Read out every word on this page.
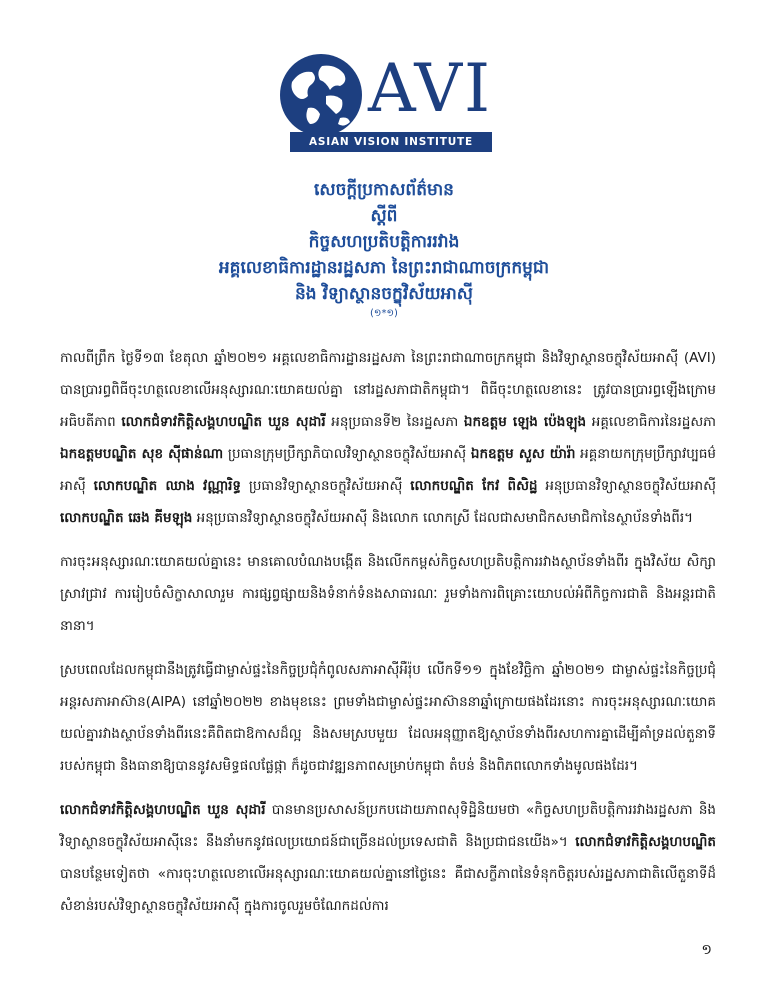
AVI
ASIAN VISION INSTITUTE
សេចក្តីប្រកាសព័ត៌មាន
ស្តីពី
កិច្ចសហប្រតិបត្តិការរវាង
អគ្គលេខាធិការដ្ឋានរដ្ឋសភា នៃព្រះរាជាណាចក្រកម្ពុជា
និង វិទ្យាស្ថានចក្ខុវិស័យអាស៊ី
(១*១)

កាលពីព្រឹក ថ្ងៃទី១៣ ខែតុលា ឆ្នាំ២០២១ អគ្គលេខាធិការដ្ឋានរដ្ឋសភា នៃព្រះរាជាណាចក្រកម្ពុជា និងវិទ្យាស្ថានចក្ខុវិស័យអាស៊ី (AVI) បានប្រារព្ធពិធីចុះហត្ថលេខាលើអនុស្សារណៈយោគយល់គ្នា នៅរដ្ឋសភាជាតិកម្ពុជា។ ពិធីចុះហត្ថលេខានេះ ត្រូវបានប្រារព្ធឡើងក្រោមអធិបតីភាព លោកជំទាវកិត្តិសង្គហបណ្ឌិត ឃួន សុដារី អនុប្រធានទី២ នៃរដ្ឋសភា ឯកឧត្តម ឡេង ប៉េងឡុង អគ្គលេខាធិការនៃរដ្ឋសភា ឯកឧត្តមបណ្ឌិត សុខ ស៊ីផាន់ណា ប្រធានក្រុមប្រឹក្សាភិបាលវិទ្យាស្ថានចក្ខុវិស័យអាស៊ី ឯកឧត្តម សួស យ៉ារ៉ា អគ្គនាយកក្រុមប្រឹក្សាវប្បធម៌អាស៊ី លោកបណ្ឌិត ឈាង វណ្ណារិទ្ធ ប្រធានវិទ្យាស្ថានចក្ខុវិស័យអាស៊ី លោកបណ្ឌិត កែវ ពិសិដ្ឋ អនុប្រធានវិទ្យាស្ថានចក្ខុវិស័យអាស៊ី លោកបណ្ឌិត ឆេង គីមឡុង អនុប្រធានវិទ្យាស្ថានចក្ខុវិស័យអាស៊ី និងលោក លោកស្រី ដែលជាសមាជិកសមាជិកានៃស្ថាប័នទាំងពីរ។

ការចុះអនុស្សារណៈយោគយល់គ្នានេះ មានគោលបំណងបង្កើត និងលើកកម្ពស់កិច្ចសហប្រតិបត្តិការរវាងស្ថាប័នទាំងពីរ ក្នុងវិស័យ សិក្សា ស្រាវជ្រាវ ការរៀបចំសិក្ខាសាលារួម ការផ្សព្វផ្សាយនិងទំនាក់ទំនងសាធារណៈ រួមទាំងការពិគ្រោះយោបល់អំពីកិច្ចការជាតិ និងអន្តរជាតិនានា។

ស្របពេលដែលកម្ពុជានឹងត្រូវធ្វើជាម្ចាស់ផ្ទះនៃកិច្ចប្រជុំកំពូលសភាអាស៊ីអឺរ៉ុប លើកទី១១ ក្នុងខែវិច្ឆិកា ឆ្នាំ២០២១ ជាម្ចាស់ផ្ទះនៃកិច្ចប្រជុំអន្តរសភាអាស៊ាន(AIPA) នៅឆ្នាំ២០២២ ខាងមុខនេះ ព្រមទាំងជាម្ចាស់ផ្ទះអាស៊ាននាឆ្នាំក្រោយផងដែរនោះ ការចុះអនុស្សារណៈយោគយល់គ្នារវាងស្ថាប័នទាំងពីរនេះគឺពិតជាឱកាសដ៏ល្អ និងសមស្របមួយ ដែលអនុញ្ញាតឱ្យស្ថាប័នទាំងពីរសហការគ្នាដើម្បីគាំទ្រដល់តួនាទីរបស់កម្ពុជា និងធានាឱ្យបាននូវសមិទ្ធផលផ្លែផ្កា ក៏ដូចជាវឌ្ឍនភាពសម្រាប់កម្ពុជា តំបន់ និងពិភពលោកទាំងមូលផងដែរ។

លោកជំទាវកិត្តិសង្គហបណ្ឌិត ឃួន សុដារី បានមានប្រសាសន៍ប្រកបដោយភាពសុទិដ្ឋិនិយមថា «កិច្ចសហប្រតិបត្តិការរវាងរដ្ឋសភា និងវិទ្យាស្ថានចក្ខុវិស័យអាស៊ីនេះ នឹងនាំមកនូវផលប្រយោជន៍ជាច្រើនដល់ប្រទេសជាតិ និងប្រជាជនយើង»។ លោកជំទាវកិត្តិសង្គហបណ្ឌិត បានបន្ថែមទៀតថា «ការចុះហត្ថលេខាលើអនុស្សារណៈយោគយល់គ្នានៅថ្ងៃនេះ គឺជាសក្ខីភាពនៃទំនុកចិត្តរបស់រដ្ឋសភាជាតិលើតួនាទីដ៏សំខាន់របស់វិទ្យាស្ថានចក្ខុវិស័យអាស៊ី ក្នុងការចូលរួមចំណែកដល់ការ

១
